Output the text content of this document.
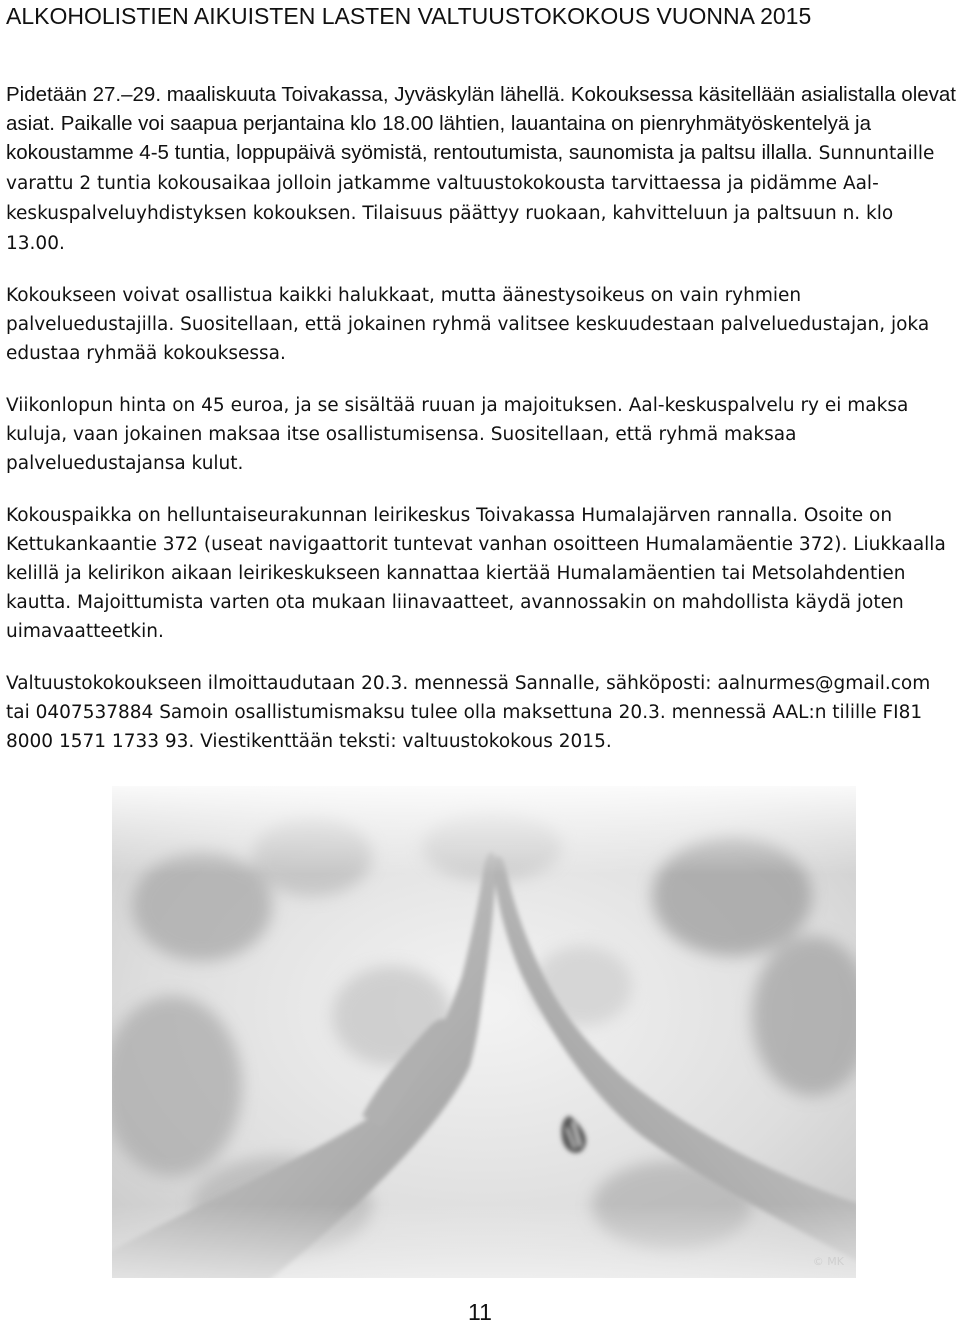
ALKOHOLISTIEN AIKUISTEN LASTEN VALTUUSTOKOKOUS VUONNA 2015

Pidetään 27.–29. maaliskuuta Toivakassa, Jyväskylän lähellä. Kokouksessa käsitellään asialistalla olevat asiat. Paikalle voi saapua perjantaina klo 18.00 lähtien, lauantaina on pienryhmätyöskentelyä ja kokoustamme 4-5 tuntia, loppupäivä syömistä, rentoutumista, saunomista ja paltsu illalla. Sunnuntaille varattu 2 tuntia kokousaikaa jolloin jatkamme valtuustokokousta tarvittaessa ja pidämme Aal-keskuspalveluyhdistyksen kokouksen. Tilaisuus päättyy ruokaan, kahvitteluun ja paltsuun n. klo 13.00.

Kokoukseen voivat osallistua kaikki halukkaat, mutta äänestysoikeus on vain ryhmien palveluedustajilla. Suositellaan, että jokainen ryhmä valitsee keskuudestaan palveluedustajan, joka edustaa ryhmää kokouksessa.

Viikonlopun hinta on 45 euroa, ja se sisältää ruuan ja majoituksen. Aal-keskuspalvelu ry ei maksa kuluja, vaan jokainen maksaa itse osallistumisensa. Suositellaan, että ryhmä maksaa palveluedustajansa kulut.

Kokouspaikka on helluntaiseurakunnan leirikeskus Toivakassa Humalajärven rannalla. Osoite on Kettukankaantie 372 (useat navigaattorit tuntevat vanhan osoitteen Humalamäentie 372). Liukkaalla kelillä ja kelirikon aikaan leirikeskukseen kannattaa kiertää Humalamäentien tai Metsolahdentien kautta. Majoittumista varten ota mukaan liinavaatteet, avannossakin on mahdollista käydä joten uimavaatteetkin.

Valtuustokokoukseen ilmoittaudutaan 20.3. mennessä Sannalle, sähköposti: aalnurmes@gmail.com tai 0407537884 Samoin osallistumismaksu tulee olla maksettuna 20.3. mennessä AAL:n tilille FI81 8000 1571 1733 93. Viestikenttään teksti: valtuustokokous 2015.

© MK
11
